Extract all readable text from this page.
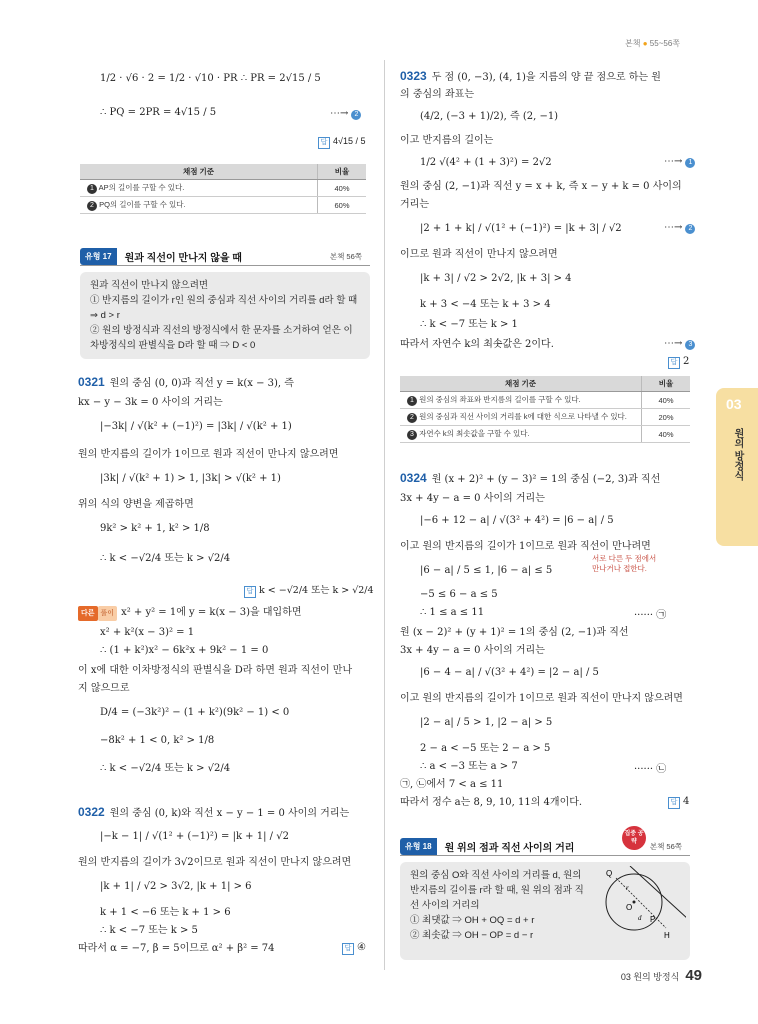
본책 ● 55~56쪽
1/2 · √6 · 2 = 1/2 · √10 · PR ∴ PR = 2√15 / 5
∴ PQ = 2PR = 4√15 / 5	⋯→ 2
답 4√15 / 5
채점 기준	비율
1 AP의 길이를 구할 수 있다.	40%
2 PQ의 길이를 구할 수 있다.	60%
유형 17	원과 직선이 만나지 않을 때	본책 56쪽
원과 직선이 만나지 않으려면
① 반지름의 길이가 r인 원의 중심과 직선 사이의 거리를 d라 할 때
⇒ d > r
② 원의 방정식과 직선의 방정식에서 한 문자를 소거하여 얻은 이
차방정식의 판별식을 D라 할 때 ⇒ D < 0
0321 원의 중심 (0, 0)과 직선 y = k(x − 3), 즉
kx − y − 3k = 0 사이의 거리는
|−3k| / √(k² + (−1)²) = |3k| / √(k² + 1)
원의 반지름의 길이가 1이므로 원과 직선이 만나지 않으려면
|3k| / √(k² + 1) > 1, |3k| > √(k² + 1)
위의 식의 양변을 제곱하면
9k² > k² + 1, k² > 1/8
∴ k < −√2/4 또는 k > √2/4
답 k < −√2/4 또는 k > √2/4
다른 풀이 x² + y² = 1에 y = k(x − 3)을 대입하면
x² + k²(x − 3)² = 1
∴ (1 + k²)x² − 6k²x + 9k² − 1 = 0
이 x에 대한 이차방정식의 판별식을 D라 하면 원과 직선이 만나
지 않으므로
D/4 = (−3k²)² − (1 + k²)(9k² − 1) < 0
−8k² + 1 < 0, k² > 1/8
∴ k < −√2/4 또는 k > √2/4
0322 원의 중심 (0, k)와 직선 x − y − 1 = 0 사이의 거리는
|−k − 1| / √(1² + (−1)²) = |k + 1| / √2
원의 반지름의 길이가 3√2이므로 원과 직선이 만나지 않으려면
|k + 1| / √2 > 3√2, |k + 1| > 6
k + 1 < −6 또는 k + 1 > 6
∴ k < −7 또는 k > 5
따라서 α = −7, β = 5이므로 α² + β² = 74	답 ④
0323 두 점 (0, −3), (4, 1)을 지름의 양 끝 점으로 하는 원
의 중심의 좌표는
(4/2, (−3 + 1)/2), 즉 (2, −1)
이고 반지름의 길이는
1/2 √(4² + (1 + 3)²) = 2√2	⋯→ 1
원의 중심 (2, −1)과 직선 y = x + k, 즉 x − y + k = 0 사이의
거리는
|2 + 1 + k| / √(1² + (−1)²) = |k + 3| / √2	⋯→ 2
이므로 원과 직선이 만나지 않으려면
|k + 3| / √2 > 2√2, |k + 3| > 4
k + 3 < −4 또는 k + 3 > 4
∴ k < −7 또는 k > 1
따라서 자연수 k의 최솟값은 2이다.	⋯→ 3
답 2
채점 기준	비율
1 원의 중심의 좌표와 반지름의 길이를 구할 수 있다.	40%
2 원의 중심과 직선 사이의 거리를 k에 대한 식으로 나타낼 수 있다.	20%
3 자연수 k의 최솟값을 구할 수 있다.	40%
0324 원 (x + 2)² + (y − 3)² = 1의 중심 (−2, 3)과 직선
3x + 4y − a = 0 사이의 거리는
|−6 + 12 − a| / √(3² + 4²) = |6 − a| / 5
이고 원의 반지름의 길이가 1이므로 원과 직선이 만나려면
서로 다른 두 점에서
만나거나 접한다.
|6 − a| / 5 ≤ 1, |6 − a| ≤ 5
−5 ≤ 6 − a ≤ 5
∴ 1 ≤ a ≤ 11	······ ㉠
원 (x − 2)² + (y + 1)² = 1의 중심 (2, −1)과 직선
3x + 4y − a = 0 사이의 거리는
|6 − 4 − a| / √(3² + 4²) = |2 − a| / 5
이고 원의 반지름의 길이가 1이므로 원과 직선이 만나지 않으려면
|2 − a| / 5 > 1, |2 − a| > 5
2 − a < −5 또는 2 − a > 5
∴ a < −3 또는 a > 7	······ ㉡
㉠, ㉡에서 7 < a ≤ 11
따라서 정수 a는 8, 9, 10, 11의 4개이다.	답 4
유형 18	원 위의 점과 직선 사이의 거리	본책 56쪽
집중 공략
원의 중심 O와 직선 사이의 거리를 d, 원의
반지름의 길이를 r라 할 때, 원 위의 점과 직
선 사이의 거리의
① 최댓값 ⇒ OH + OQ = d + r
② 최솟값 ⇒ OH − OP = d − r
Q
O
P
H
r
d
03
원의 방정식
03 원의 방정식 49
